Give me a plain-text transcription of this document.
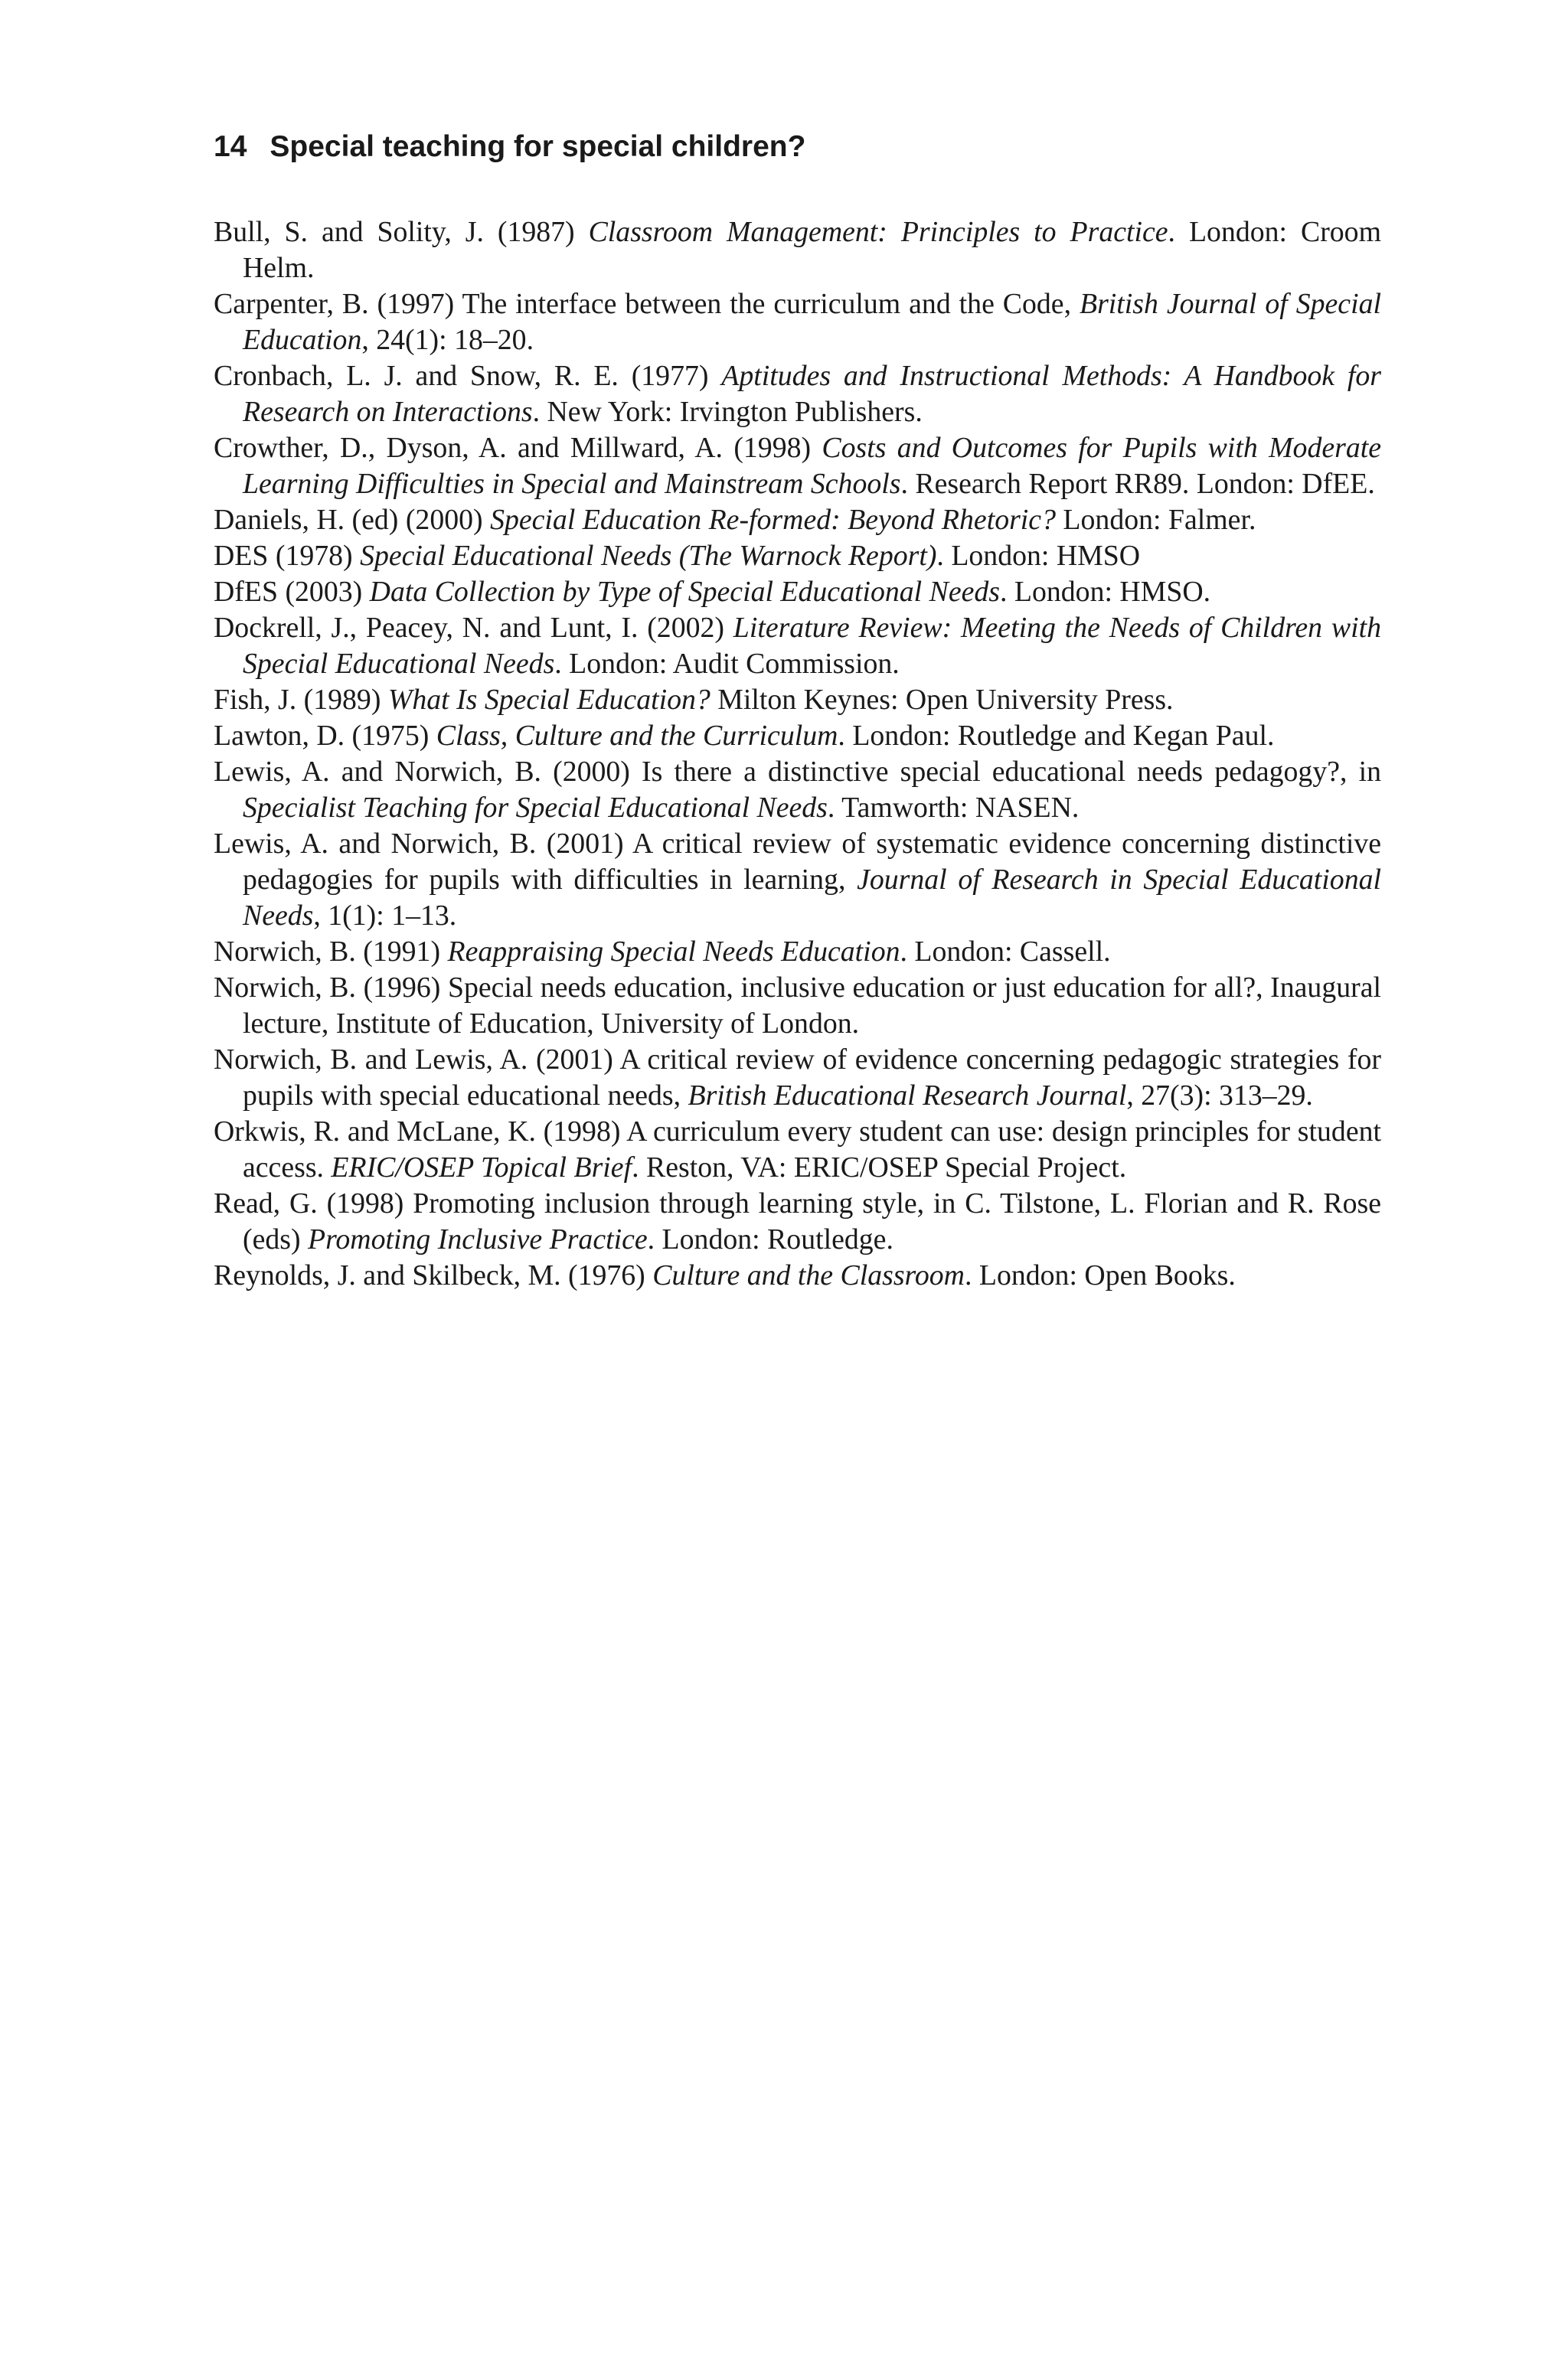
14 Special teaching for special children?
Bull, S. and Solity, J. (1987) Classroom Management: Principles to Practice. London: Croom Helm.
Carpenter, B. (1997) The interface between the curriculum and the Code, British Journal of Special Education, 24(1): 18–20.
Cronbach, L. J. and Snow, R. E. (1977) Aptitudes and Instructional Methods: A Handbook for Research on Interactions. New York: Irvington Publishers.
Crowther, D., Dyson, A. and Millward, A. (1998) Costs and Outcomes for Pupils with Moderate Learning Difficulties in Special and Mainstream Schools. Research Report RR89. London: DfEE.
Daniels, H. (ed) (2000) Special Education Re-formed: Beyond Rhetoric? London: Falmer.
DES (1978) Special Educational Needs (The Warnock Report). London: HMSO
DfES (2003) Data Collection by Type of Special Educational Needs. London: HMSO.
Dockrell, J., Peacey, N. and Lunt, I. (2002) Literature Review: Meeting the Needs of Children with Special Educational Needs. London: Audit Commission.
Fish, J. (1989) What Is Special Education? Milton Keynes: Open University Press.
Lawton, D. (1975) Class, Culture and the Curriculum. London: Routledge and Kegan Paul.
Lewis, A. and Norwich, B. (2000) Is there a distinctive special educational needs pedagogy?, in Specialist Teaching for Special Educational Needs. Tamworth: NASEN.
Lewis, A. and Norwich, B. (2001) A critical review of systematic evidence concerning distinctive pedagogies for pupils with difficulties in learning, Journal of Research in Special Educational Needs, 1(1): 1–13.
Norwich, B. (1991) Reappraising Special Needs Education. London: Cassell.
Norwich, B. (1996) Special needs education, inclusive education or just education for all?, Inaugural lecture, Institute of Education, University of London.
Norwich, B. and Lewis, A. (2001) A critical review of evidence concerning pedagogic strategies for pupils with special educational needs, British Educational Research Journal, 27(3): 313–29.
Orkwis, R. and McLane, K. (1998) A curriculum every student can use: design principles for student access. ERIC/OSEP Topical Brief. Reston, VA: ERIC/OSEP Special Project.
Read, G. (1998) Promoting inclusion through learning style, in C. Tilstone, L. Florian and R. Rose (eds) Promoting Inclusive Practice. London: Routledge.
Reynolds, J. and Skilbeck, M. (1976) Culture and the Classroom. London: Open Books.
